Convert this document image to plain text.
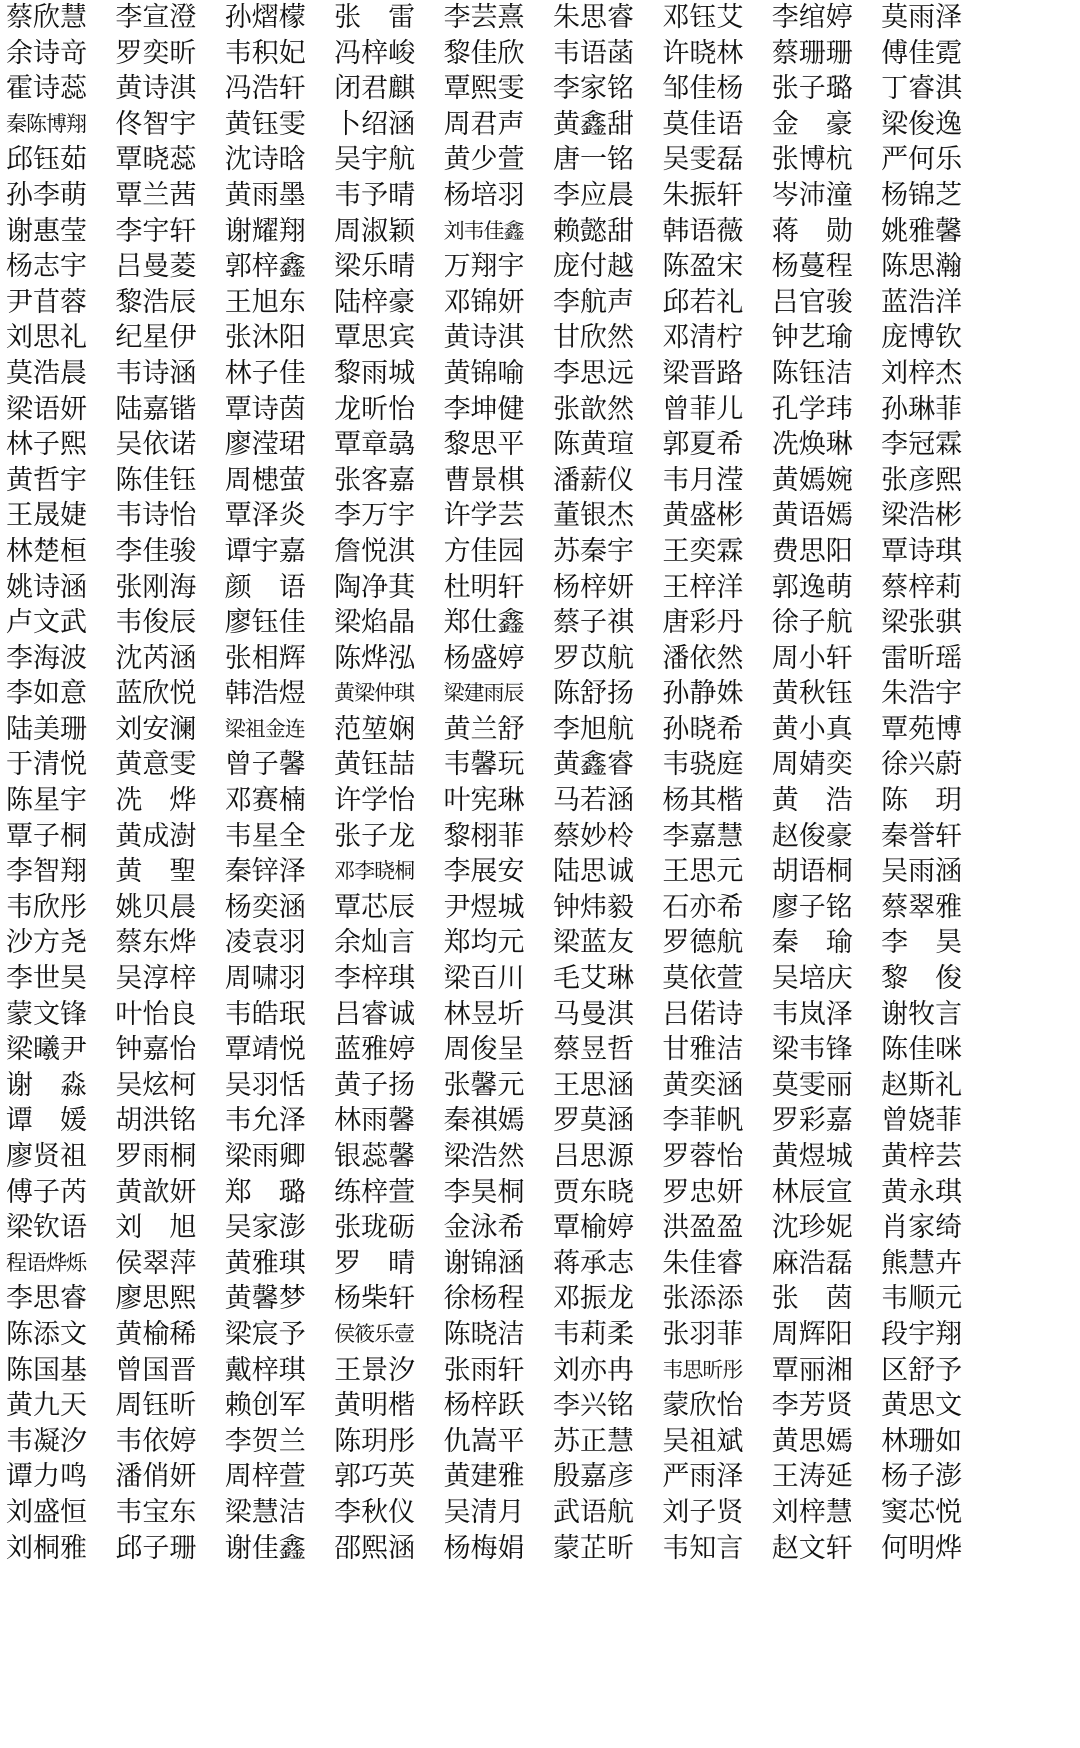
蔡欣慧	李宣澄	孙熠檬	张　雷	李芸熹	朱思睿	邓钰艾	李绾婷	莫雨泽
余诗竒	罗奕昕	韦积妃	冯梓峻	黎佳欣	韦语菡	许晓林	蔡珊珊	傅佳霓
霍诗蕊	黄诗淇	冯浩轩	闭君麒	覃熙雯	李家铭	邹佳杨	张子璐	丁睿淇
秦陈博翔	佟智宇	黄钰雯	卜绍涵	周君声	黄鑫甜	莫佳语	金　豪	梁俊逸
邱钰茹	覃晓蕊	沈诗晗	吴宇航	黄少萱	唐一铭	吴雯磊	张博杭	严何乐
孙李萌	覃兰茜	黄雨墨	韦予晴	杨培羽	李应晨	朱振轩	岑沛潼	杨锦芝
谢惠莹	李宇轩	谢耀翔	周淑颖	刘韦佳鑫	赖懿甜	韩语薇	蒋　勋	姚雅馨
杨志宇	吕曼菱	郭梓鑫	梁乐晴	万翔宇	庞付越	陈盈宋	杨蔓程	陈思瀚
尹苜蓉	黎浩辰	王旭东	陆梓豪	邓锦妍	李航声	邱若礼	吕官骏	蓝浩洋
刘思礼	纪星伊	张沐阳	覃思宾	黄诗淇	甘欣然	邓清柠	钟艺瑜	庞博钦
莫浩晨	韦诗涵	林子佳	黎雨城	黄锦喻	李思远	梁晋路	陈钰洁	刘梓杰
梁语妍	陆嘉锴	覃诗茵	龙昕怡	李坤健	张歆然	曾菲儿	孔学玮	孙琳菲
林子熙	吴依诺	廖滢珺	覃章骉	黎思平	陈黄瑄	郭夏希	冼焕琳	李冠霖
黄哲宇	陈佳钰	周槵萤	张客嘉	曹景棋	潘薪仪	韦月滢	黄嫣婉	张彦熙
王晟婕	韦诗怡	覃泽炎	李万宇	许学芸	董银杰	黄盛彬	黄语嫣	梁浩彬
林楚桓	李佳骏	谭宇嘉	詹悦淇	方佳园	苏秦宇	王奕霖	费思阳	覃诗琪
姚诗涵	张刚海	颜　语	陶净萁	杜明轩	杨梓妍	王梓洋	郭逸萌	蔡梓莉
卢文武	韦俊辰	廖钰佳	梁焰晶	郑仕鑫	蔡子祺	唐彩丹	徐子航	梁张骐
李海波	沈芮涵	张相辉	陈烨泓	杨盛婷	罗苡航	潘依然	周小轩	雷昕瑶
李如意	蓝欣悦	韩浩煜	黄梁仲琪	梁建雨辰	陈舒扬	孙静姝	黄秋钰	朱浩宇
陆美珊	刘安澜	梁祖金连	范堃娴	黄兰舒	李旭航	孙晓希	黄小真	覃苑博
于清悦	黄意雯	曾子馨	黄钰喆	韦馨玩	黄鑫睿	韦骁庭	周婧奕	徐兴蔚
陈星宇	冼　烨	邓赛楠	许学怡	叶宪琳	马若涵	杨其楷	黄　浩	陈　玥
覃子桐	黄成澍	韦星全	张子龙	黎栩菲	蔡妙柃	李嘉慧	赵俊豪	秦誉轩
李智翔	黄　聖	秦锌泽	邓李晓桐	李展安	陆思诚	王思元	胡语桐	吴雨涵
韦欣彤	姚贝晨	杨奕涵	覃芯辰	尹煜城	钟炜毅	石亦希	廖子铭	蔡翠雅
沙方尧	蔡东烨	凌袁羽	余灿言	郑均元	梁蓝友	罗德航	秦　瑜	李　昊
李世昊	吴淳梓	周啸羽	李梓琪	梁百川	毛艾琳	莫依萱	吴培庆	黎　俊
蒙文锋	叶怡良	韦皓珉	吕睿诚	林昱圻	马曼淇	吕偌诗	韦岚泽	谢牧言
梁曦尹	钟嘉怡	覃靖悦	蓝雅婷	周俊呈	蔡昱哲	甘雅洁	梁韦锋	陈佳咪
谢　淼	吴炫柯	吴羽恬	黄子扬	张馨元	王思涵	黄奕涵	莫雯丽	赵斯礼
谭　媛	胡洪铭	韦允泽	林雨馨	秦祺嫣	罗莫涵	李菲帆	罗彩嘉	曾娆菲
廖贤祖	罗雨桐	梁雨卿	银蕊馨	梁浩然	吕思源	罗蓉怡	黄煜城	黄梓芸
傅子芮	黄歆妍	郑　璐	练梓萱	李昊桐	贾东晓	罗忠妍	林辰宣	黄永琪
梁钦语	刘　旭	吴家澎	张珑砺	金泳希	覃榆婷	洪盈盈	沈珍妮	肖家绮
程语烨烁	侯翠萍	黄雅琪	罗　晴	谢锦涵	蒋承志	朱佳睿	麻浩磊	熊慧卉
李思睿	廖思熙	黄馨梦	杨柴轩	徐杨程	邓振龙	张添添	张　茵	韦顺元
陈添文	黄榆稀	梁宸予	侯筱乐壹	陈晓洁	韦莉柔	张羽菲	周辉阳	段宇翔
陈国基	曾国晋	戴梓琪	王景汐	张雨轩	刘亦冉	韦思昕彤	覃丽湘	区舒予
黄九天	周钰昕	赖创军	黄明楷	杨梓跃	李兴铭	蒙欣怡	李芳贤	黄思文
韦凝汐	韦依婷	李贺兰	陈玥彤	仇嵩平	苏正慧	吴祖斌	黄思嫣	林珊如
谭力鸣	潘俏妍	周梓萱	郭巧英	黄建雅	殷嘉彦	严雨泽	王涛延	杨子澎
刘盛恒	韦宝东	梁慧洁	李秋仪	吴清月	武语航	刘子贤	刘梓慧	窦芯悦
刘桐雅	邱子珊	谢佳鑫	邵熙涵	杨梅娟	蒙芷昕	韦知言	赵文轩	何明烨
